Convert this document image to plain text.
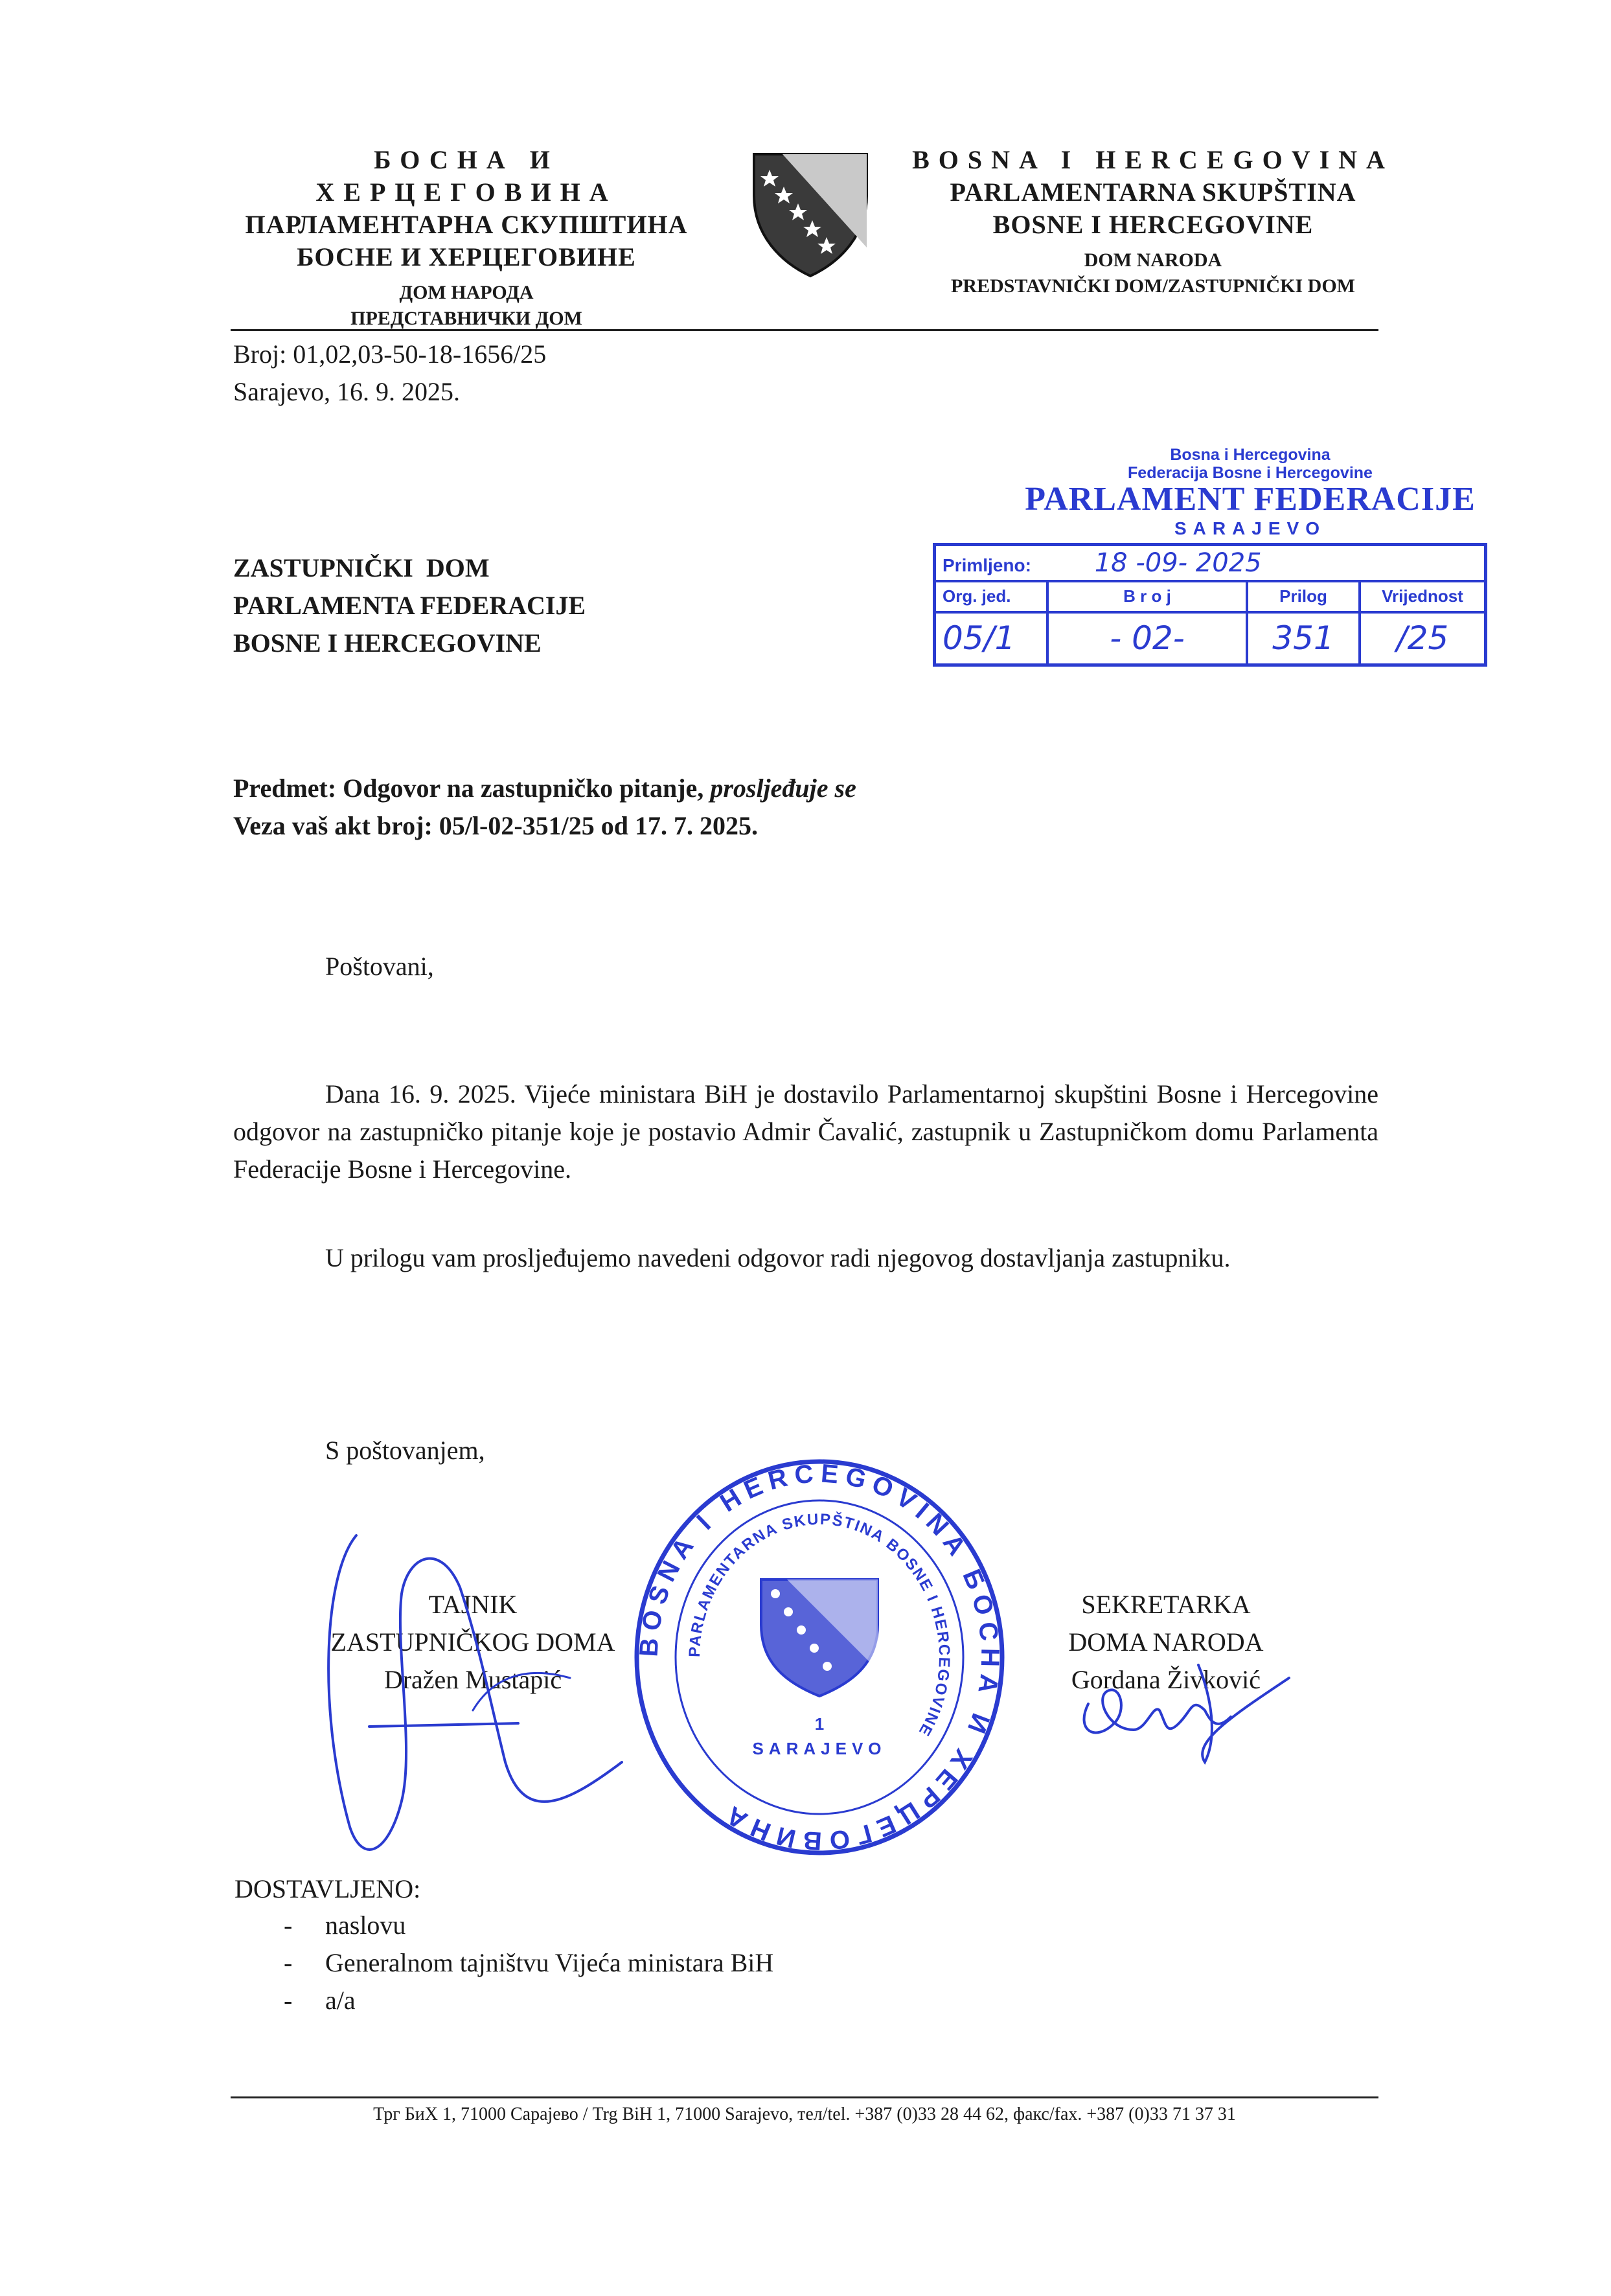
БОСНА И ХЕРЦЕГОВИНА
ПАРЛАМЕНТАРНА СКУПШТИНА
БОСНЕ И ХЕРЦЕГОВИНЕ
ДОМ НАРОДА
ПРЕДСТАВНИЧКИ ДОМ
BOSNA I HERCEGOVINA
PARLAMENTARNA SKUPŠTINA
BOSNE I HERCEGOVINE
DOM NARODA
PREDSTAVNIČKI DOM/ZASTUPNIČKI DOM
Broj: 01,02,03-50-18-1656/25
Sarajevo, 16. 9. 2025.
ZASTUPNIČKI  DOM
PARLAMENTA FEDERACIJE
BOSNE I HERCEGOVINE
Bosna i Hercegovina
Federacija Bosne i Hercegovine
PARLAMENT FEDERACIJE
SARAJEVO
Primljeno: 18 -09- 2025			
Org. jed.	B r o j	Prilog	Vrijednost
05/1	- 02-	351	/25
Predmet: Odgovor na zastupničko pitanje, prosljeđuje se
Veza vaš akt broj: 05/l-02-351/25 od 17. 7. 2025.
Poštovani,
Dana 16. 9. 2025. Vijeće ministara BiH je dostavilo Parlamentarnoj skupštini Bosne i Hercegovine odgovor na zastupničko pitanje koje je postavio Admir Čavalić, zastupnik u Zastupničkom domu Parlamenta Federacije Bosne i Hercegovine.
U prilogu vam prosljeđujemo navedeni odgovor radi njegovog dostavljanja zastupniku.
S poštovanjem,
TAJNIK
ZASTUPNIČKOG DOMA
Dražen Mustapić
BOSNA I HERCEGOVINA БОСНА И ХЕРЦЕГОВИНА
PARLAMENTARNA SKUPŠTINA BOSNE I HERCEGOVINE
SARAJEVO
1
SEKRETARKA
DOMA NARODA
Gordana Živković
DOSTAVLJENO:
- naslovu
- Generalnom tajništvu Vijeća ministara BiH
- a/a
Трг БиХ 1, 71000 Сарајево / Trg BiH 1, 71000 Sarajevo, тел/tel. +387 (0)33 28 44 62, факс/fax. +387 (0)33 71 37 31
